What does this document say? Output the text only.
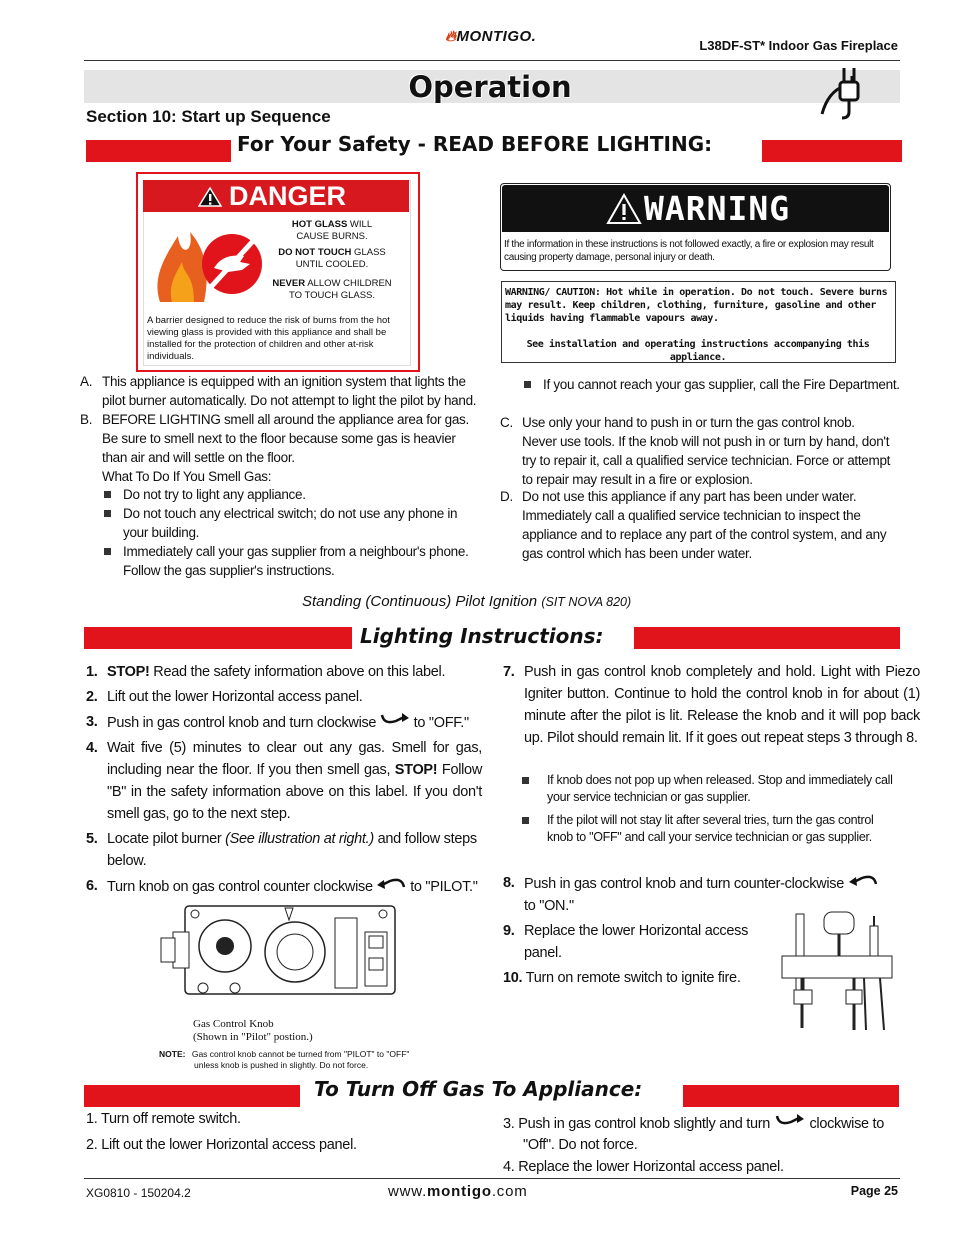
🔥︎MONTIGO.
L38DF-ST* Indoor Gas Fireplace
Operation
Section 10: Start up Sequence
For Your Safety - READ BEFORE LIGHTING:
DANGER
HOT GLASS WILL
CAUSE BURNS.
DO NOT TOUCH GLASS
UNTIL COOLED.
NEVER ALLOW CHILDREN
TO TOUCH GLASS.
A barrier designed to reduce the risk of burns from the hot viewing glass is provided with this appliance and shall be installed for the protection of children and other at-risk individuals.
WARNING
If the information in these instructions is not followed exactly, a fire or explosion may result causing property damage, personal injury or death.
WARNING/ CAUTION: Hot while in operation. Do not touch. Severe burns may result. Keep children, clothing, furniture, gasoline and other liquids having flammable vapours away.
See installation and operating instructions accompanying this appliance.
A. This appliance is equipped with an ignition system that lights the pilot burner automatically. Do not attempt to light the pilot by hand.
B. BEFORE LIGHTING smell all around the appliance area for gas. Be sure to smell next to the floor because some gas is heavier than air and will settle on the floor.
What To Do If You Smell Gas:
Do not try to light any appliance.
Do not touch any electrical switch; do not use any phone in your building.
Immediately call your gas supplier from a neighbour's phone. Follow the gas supplier's instructions.
If you cannot reach your gas supplier, call the Fire Department.
C. Use only your hand to push in or turn the gas control knob. Never use tools. If the knob will not push in or turn by hand, don't try to repair it, call a qualified service technician. Force or attempt to repair may result in a fire or explosion.
D. Do not use this appliance if any part has been under water. Immediately call a qualified service technician to inspect the appliance and to replace any part of the control system, and any gas control which has been under water.
Standing (Continuous) Pilot Ignition (SIT NOVA 820)
Lighting Instructions:
1. STOP! Read the safety information above on this label.
2. Lift out the lower Horizontal access panel.
3. Push in gas control knob and turn clockwise  to "OFF."
4. Wait five (5) minutes to clear out any gas. Smell for gas, including near the floor. If you then smell gas, STOP! Follow "B" in the safety information above on this label. If you don't smell gas, go to the next step.
5. Locate pilot burner (See illustration at right.) and follow steps below.
6. Turn knob on gas control counter clockwise  to "PILOT."
Gas Control Knob
(Shown in "Pilot" postion.)
NOTE: Gas control knob cannot be turned from "PILOT" to "OFF"
unless knob is pushed in slightly. Do not force.
7. Push in gas control knob completely and hold. Light with Piezo Igniter button. Continue to hold the control knob in for about (1) minute after the pilot is lit. Release the knob and it will pop back up. Pilot should remain lit. If it goes out repeat steps 3 through 8.
If knob does not pop up when released. Stop and immediately call your service technician or gas supplier.
If the pilot will not stay lit after several tries, turn the gas control knob to "OFF" and call your service technician or gas supplier.
8. Push in gas control knob and turn counter-clockwise
to "ON."
9. Replace the lower Horizontal access panel.
10. Turn on remote switch to ignite fire.
To Turn Off Gas To Appliance:
1. Turn off remote switch.
2. Lift out the lower Horizontal access panel.
3. Push in gas control knob slightly and turn  clockwise to
"Off". Do not force.
4. Replace the lower Horizontal access panel.
XG0810 - 150204.2	www.montigo.com	Page 25
